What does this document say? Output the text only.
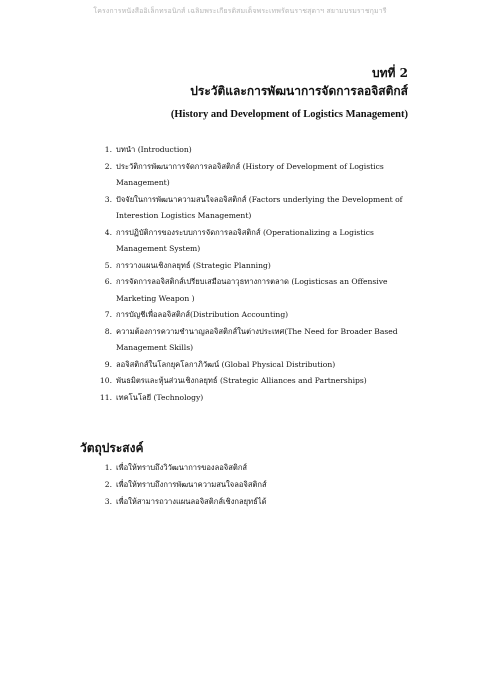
โครงการหนังสืออิเล็กทรอนิกส์ เฉลิมพระเกียรติสมเด็จพระเทพรัตนราชสุดาฯ สยามบรมราชกุมารี
บทที่ 2
ประวัติและการพัฒนาการจัดการลอจิสติกส์
(History and Development of Logistics Management)
1. บทนำ (Introduction)
2. ประวัติการพัฒนาการจัดการลอจิสติกส์ (History of Development of Logistics Management)
3. ปัจจัยในการพัฒนาความสนใจลอจิสติกส์ (Factors underlying the Development of Interestion Logistics Management)
4. การปฏิบัติการของระบบการจัดการลอจิสติกส์ (Operationalizing a Logistics Management System)
5. การวางแผนเชิงกลยุทธ์ (Strategic Planning)
6. การจัดการลอจิสติกส์เปรียบเสมือนอาวุธทางการตลาด (Logisticsas an Offensive Marketing Weapon )
7. การบัญชีเพื่อลอจิสติกส์(Distribution Accounting)
8. ความต้องการความชำนาญลอจิสติกส์ในต่างประเทศ(The Need for Broader Based Management Skills)
9. ลอจิสติกส์ในโลกยุคโลกาภิวัฒน์ (Global Physical Distribution)
10. พันธมิตรและหุ้นส่วนเชิงกลยุทธ์ (Strategic Alliances and Partnerships)
11. เทคโนโลยี (Technology)
วัตถุประสงค์
1. เพื่อให้ทราบถึงวิวัฒนาการของลอจิสติกส์
2. เพื่อให้ทราบถึงการพัฒนาความสนใจลอจิสติกส์
3. เพื่อให้สามารถวางแผนลอจิสติกส์เชิงกลยุทธ์ได้
